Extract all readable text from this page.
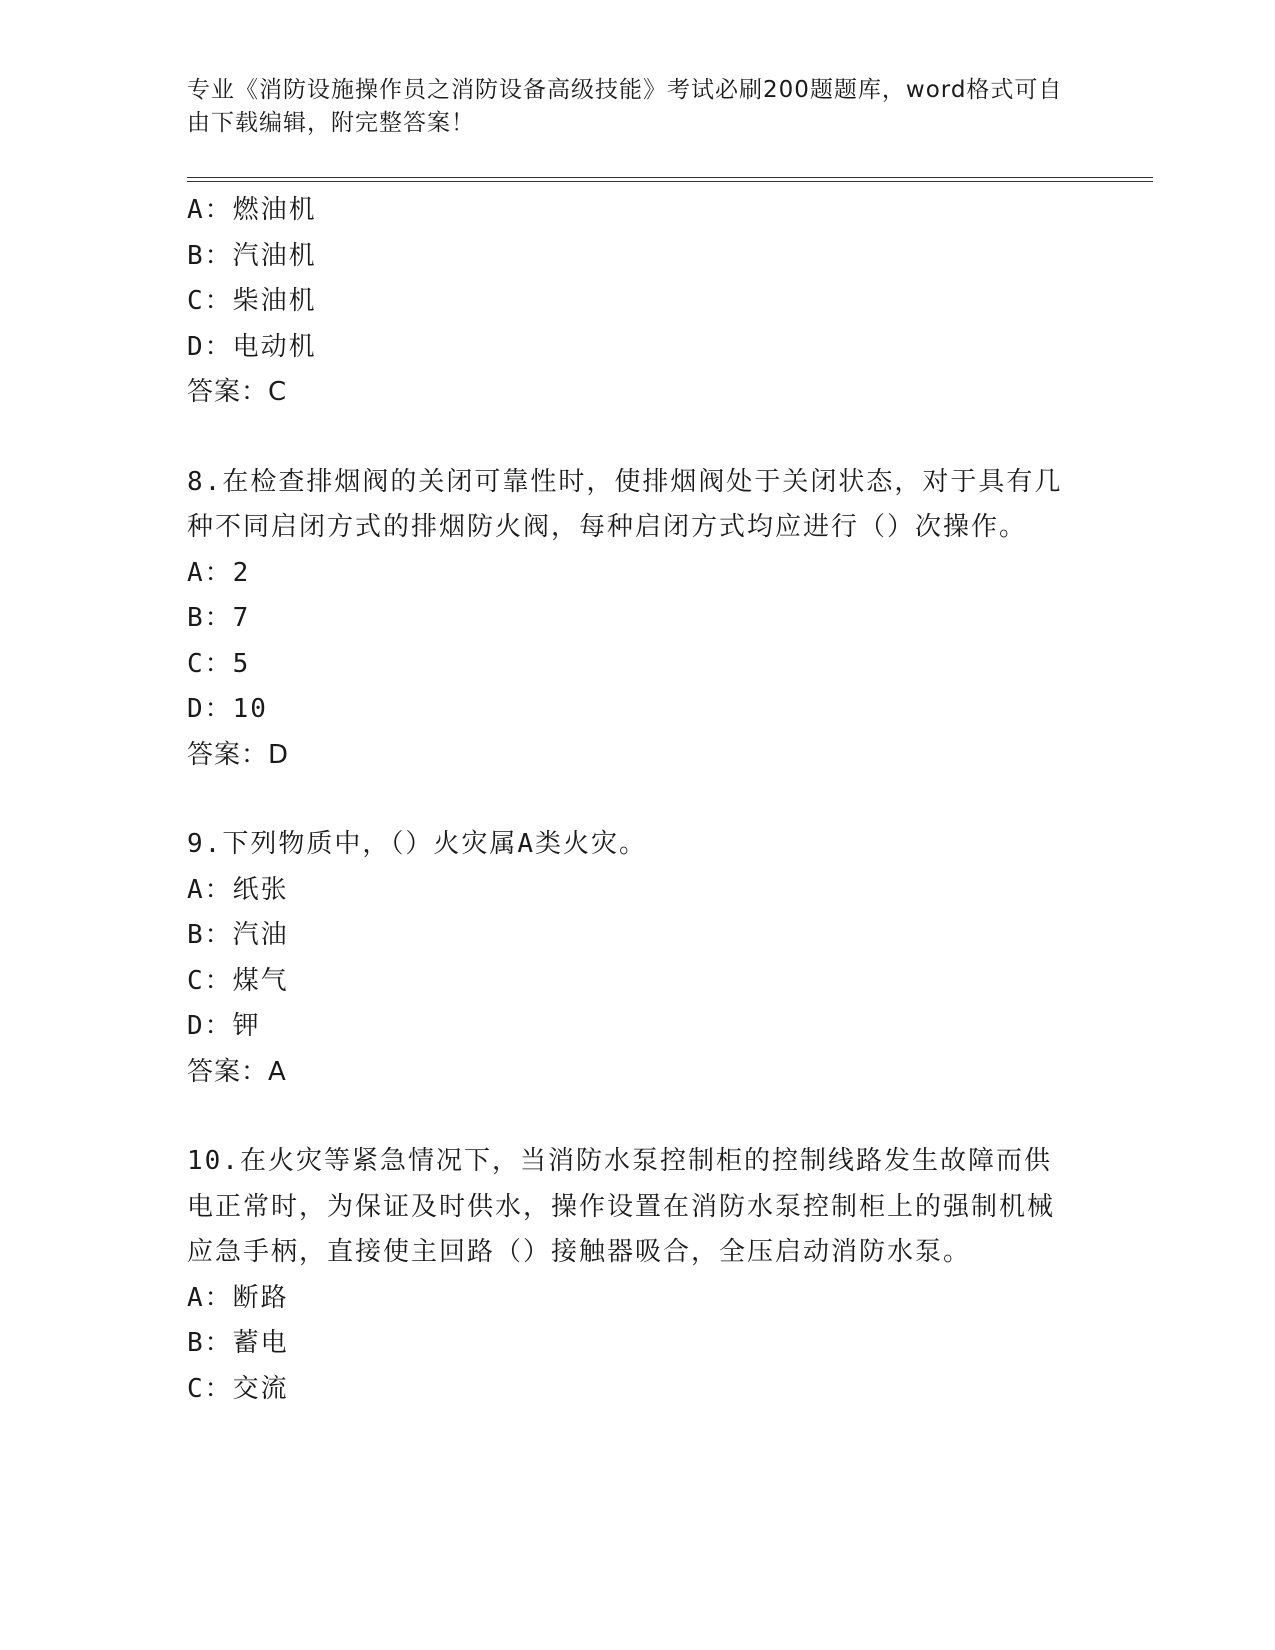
专业《消防设施操作员之消防设备高级技能》考试必刷200题题库，word格式可自由下载编辑，附完整答案！
A：燃油机
B：汽油机
C：柴油机
D：电动机
答案：C
8.在检查排烟阀的关闭可靠性时，使排烟阀处于关闭状态，对于具有几种不同启闭方式的排烟防火阀，每种启闭方式均应进行（）次操作。
A：2
B：7
C：5
D：10
答案：D
9.下列物质中，（）火灾属A类火灾。
A：纸张
B：汽油
C：煤气
D：钾
答案：A
10.在火灾等紧急情况下，当消防水泵控制柜的控制线路发生故障而供电正常时，为保证及时供水，操作设置在消防水泵控制柜上的强制机械应急手柄，直接使主回路（）接触器吸合，全压启动消防水泵。
A：断路
B：蓄电
C：交流
